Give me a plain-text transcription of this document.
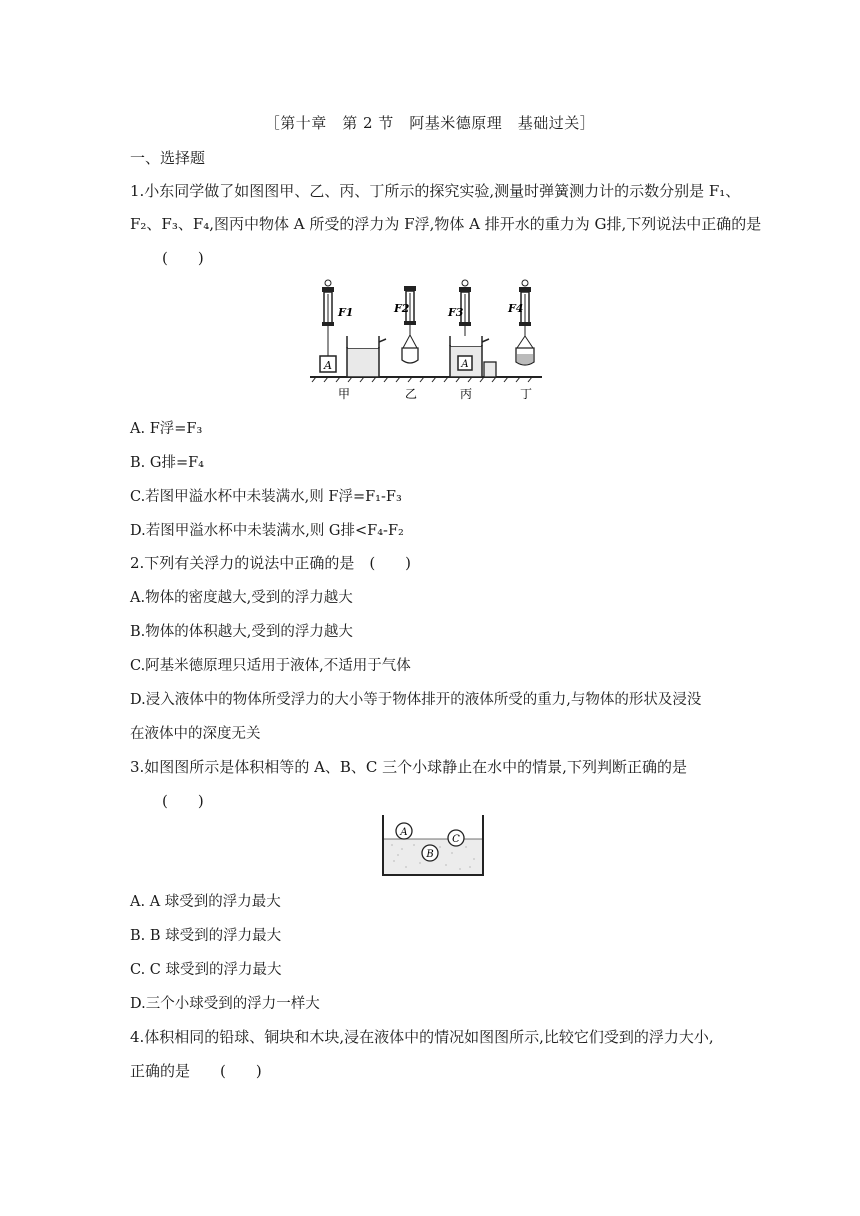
［第十章　第 2 节　阿基米德原理　基础过关］
一、选择题
1.小东同学做了如图图甲、乙、丙、丁所示的探究实验,测量时弹簧测力计的示数分别是 F₁、
F₂、F₃、F₄,图丙中物体 A 所受的浮力为 F浮,物体 A 排开水的重力为 G排,下列说法中正确的是
(　　)
A
F1	F2	F3
A
F4
甲	乙	丙	丁
A. F浮=F₃
B. G排=F₄
C.若图甲溢水杯中未装满水,则 F浮=F₁-F₃
D.若图甲溢水杯中未装满水,则 G排<F₄-F₂
2.下列有关浮力的说法中正确的是　(　　)
A.物体的密度越大,受到的浮力越大
B.物体的体积越大,受到的浮力越大
C.阿基米德原理只适用于液体,不适用于气体
D.浸入液体中的物体所受浮力的大小等于物体排开的液体所受的重力,与物体的形状及浸没
在液体中的深度无关
3.如图图所示是体积相等的 A、B、C 三个小球静止在水中的情景,下列判断正确的是
(　　)
A
B
C
A. A 球受到的浮力最大
B. B 球受到的浮力最大
C. C 球受到的浮力最大
D.三个小球受到的浮力一样大
4.体积相同的铅球、铜块和木块,浸在液体中的情况如图图所示,比较它们受到的浮力大小,
正确的是　　(　　)
